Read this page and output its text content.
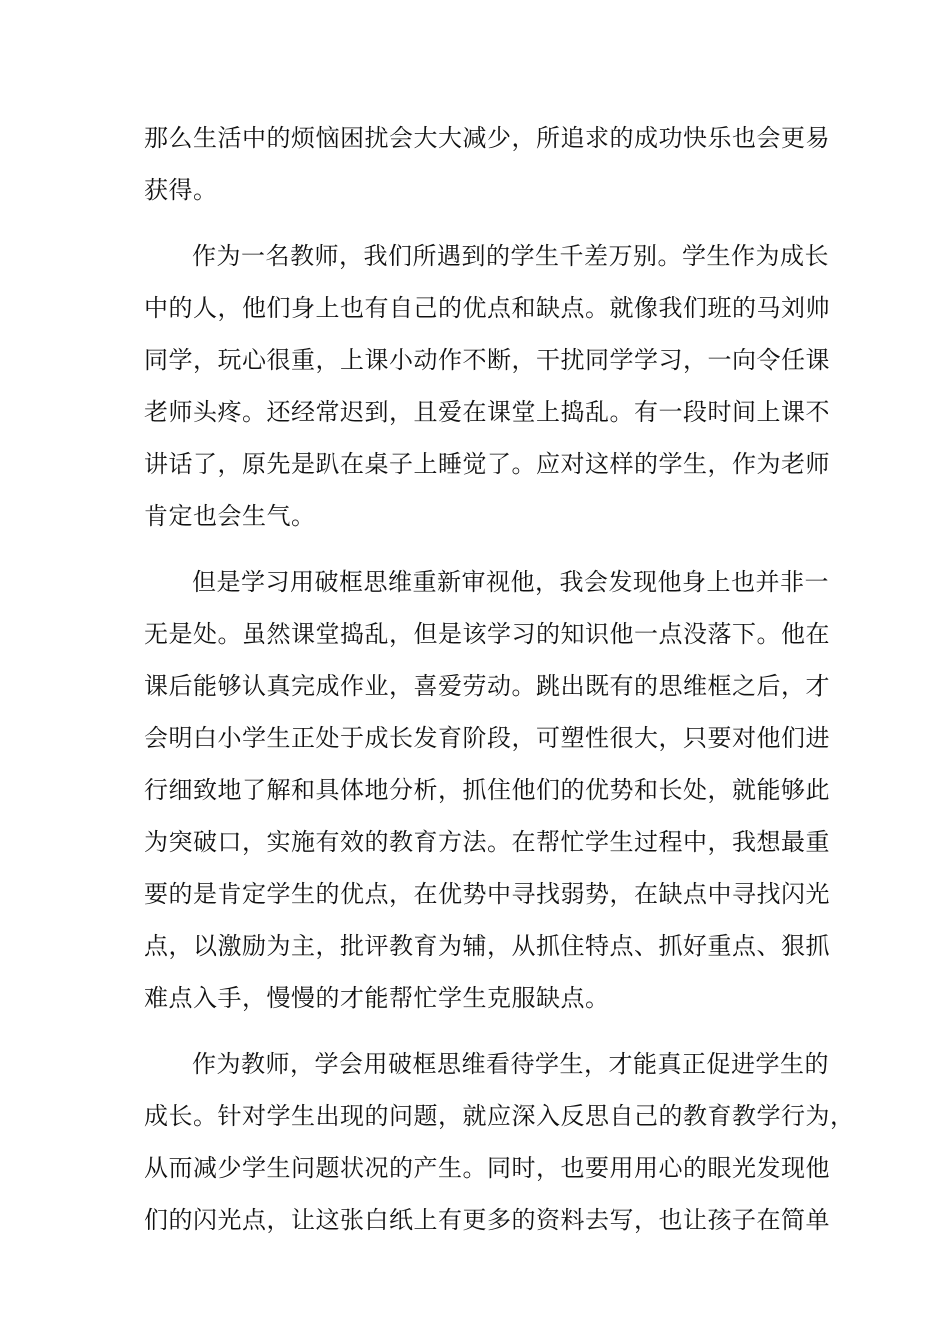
那么生活中的烦恼困扰会大大减少，所追求的成功快乐也会更易
获得。
作为一名教师，我们所遇到的学生千差万别。学生作为成长
中的人，他们身上也有自己的优点和缺点。就像我们班的马刘帅
同学，玩心很重，上课小动作不断，干扰同学学习，一向令任课
老师头疼。还经常迟到，且爱在课堂上捣乱。有一段时间上课不
讲话了，原先是趴在桌子上睡觉了。应对这样的学生，作为老师
肯定也会生气。
但是学习用破框思维重新审视他，我会发现他身上也并非一
无是处。虽然课堂捣乱，但是该学习的知识他一点没落下。他在
课后能够认真完成作业，喜爱劳动。跳出既有的思维框之后，才
会明白小学生正处于成长发育阶段，可塑性很大，只要对他们进
行细致地了解和具体地分析，抓住他们的优势和长处，就能够此
为突破口，实施有效的教育方法。在帮忙学生过程中，我想最重
要的是肯定学生的优点，在优势中寻找弱势，在缺点中寻找闪光
点，以激励为主，批评教育为辅，从抓住特点、抓好重点、狠抓
难点入手，慢慢的才能帮忙学生克服缺点。
作为教师，学会用破框思维看待学生，才能真正促进学生的
成长。针对学生出现的问题，就应深入反思自己的教育教学行为，
从而减少学生问题状况的产生。同时，也要用用心的眼光发现他
们的闪光点，让这张白纸上有更多的资料去写，也让孩子在简单
